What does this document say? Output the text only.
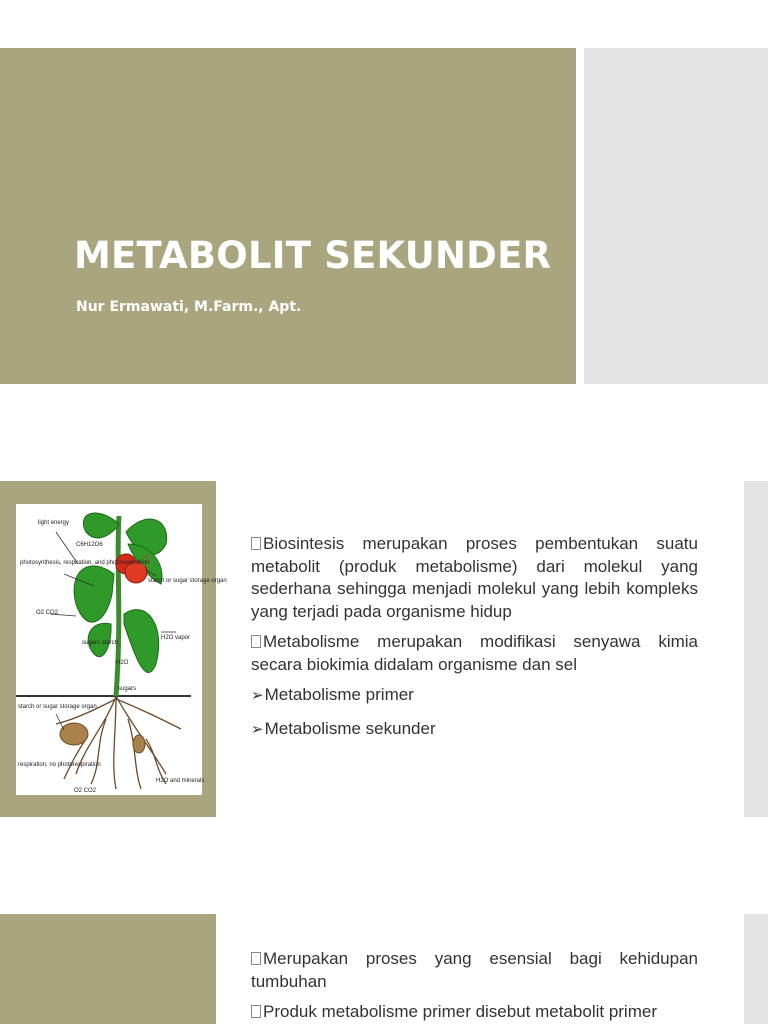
METABOLIT SEKUNDER
Nur Ermawati, M.Farm., Apt.
light energy
photosynthesis, respiration, and photorespiration
starch or sugar storage organ
O2 CO2
sugars starch
H2O vapor
H2O
sugars
starch or sugar storage organ
respiration, no photorespiration
O2 CO2
H2O and minerals
C6H12O6	Biosintesis merupakan proses pembentukan suatu metabolit (produk metabolisme) dari molekul yang sederhana sehingga menjadi molekul yang lebih kompleks yang terjadi pada organisme hidup

Metabolisme merupakan modifikasi senyawa kimia secara biokimia didalam organisme dan sel

➢Metabolisme primer

➢Metabolisme sekunder

Merupakan proses yang esensial bagi kehidupan tumbuhan

Produk metabolisme primer disebut metabolit primer
